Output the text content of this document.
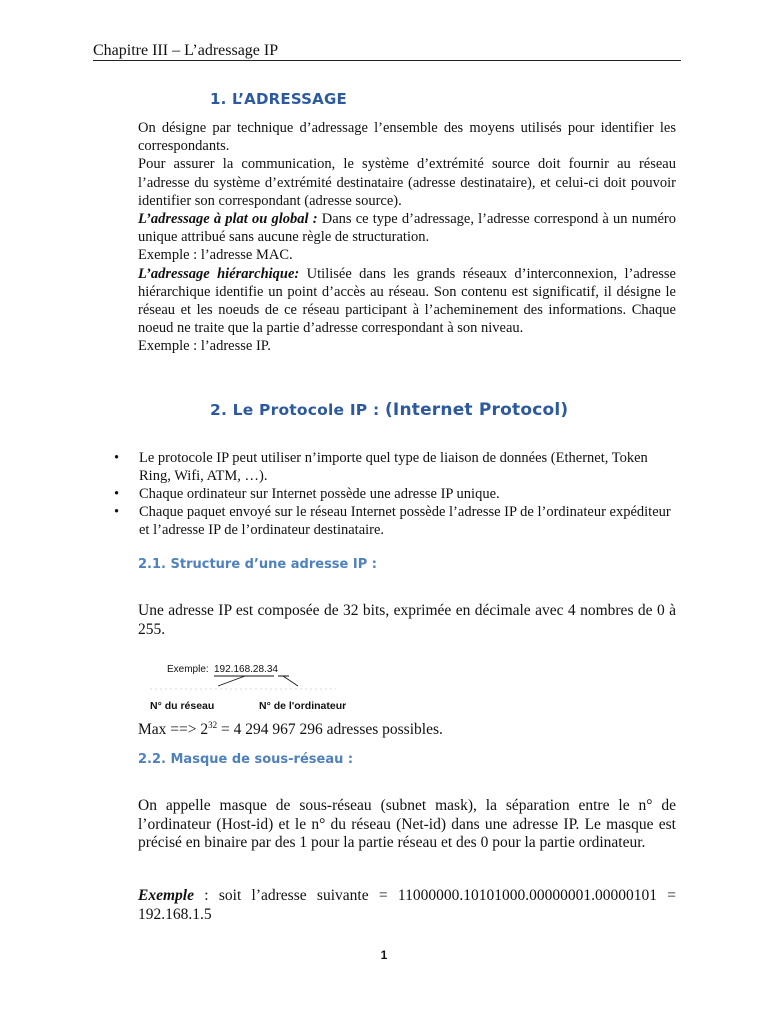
Chapitre III – L’adressage IP
1. L’ADRESSAGE

On désigne par technique d’adressage l’ensemble des moyens utilisés pour identifier les correspondants.

Pour assurer la communication, le système d’extrémité source doit fournir au réseau l’adresse du système d’extrémité destinataire (adresse destinataire), et celui-ci doit pouvoir identifier son correspondant (adresse source).

L’adressage à plat ou global : Dans ce type d’adressage, l’adresse correspond à un numéro unique attribué sans aucune règle de structuration.

Exemple : l’adresse MAC.

L’adressage hiérarchique: Utilisée dans les grands réseaux d’interconnexion, l’adresse hiérarchique identifie un point d’accès au réseau. Son contenu est significatif, il désigne le réseau et les noeuds de ce réseau participant à l’acheminement des informations. Chaque noeud ne traite que la partie d’adresse correspondant à son niveau.

Exemple : l’adresse IP.

2. Le Protocole IP : (Internet Protocol)
• Le protocole IP peut utiliser n’importe quel type de liaison de données (Ethernet, Token Ring, Wifi, ATM, …).
• Chaque ordinateur sur Internet possède une adresse IP unique.
• Chaque paquet envoyé sur le réseau Internet possède l’adresse IP de l’ordinateur expéditeur et l’adresse IP de l’ordinateur destinataire.
2.1. Structure d’une adresse IP :

Une adresse IP est composée de 32 bits, exprimée en décimale avec 4 nombres de 0 à 255.

Exemple: 192.168.28.34
N° du réseau	N° de l'ordinateur

Max ==> $2^{32} = 4$ 294 967 296 adresses possibles.

2.2. Masque de sous-réseau :

On appelle masque de sous-réseau (subnet mask), la séparation entre le n° de l’ordinateur (Host-id) et le n° du réseau (Net-id) dans une adresse IP. Le masque est précisé en binaire par des 1 pour la partie réseau et des 0 pour la partie ordinateur.

Exemple : soit l’adresse suivante = 11000000.10101000.00000001.00000101 = 192.168.1.5

1
